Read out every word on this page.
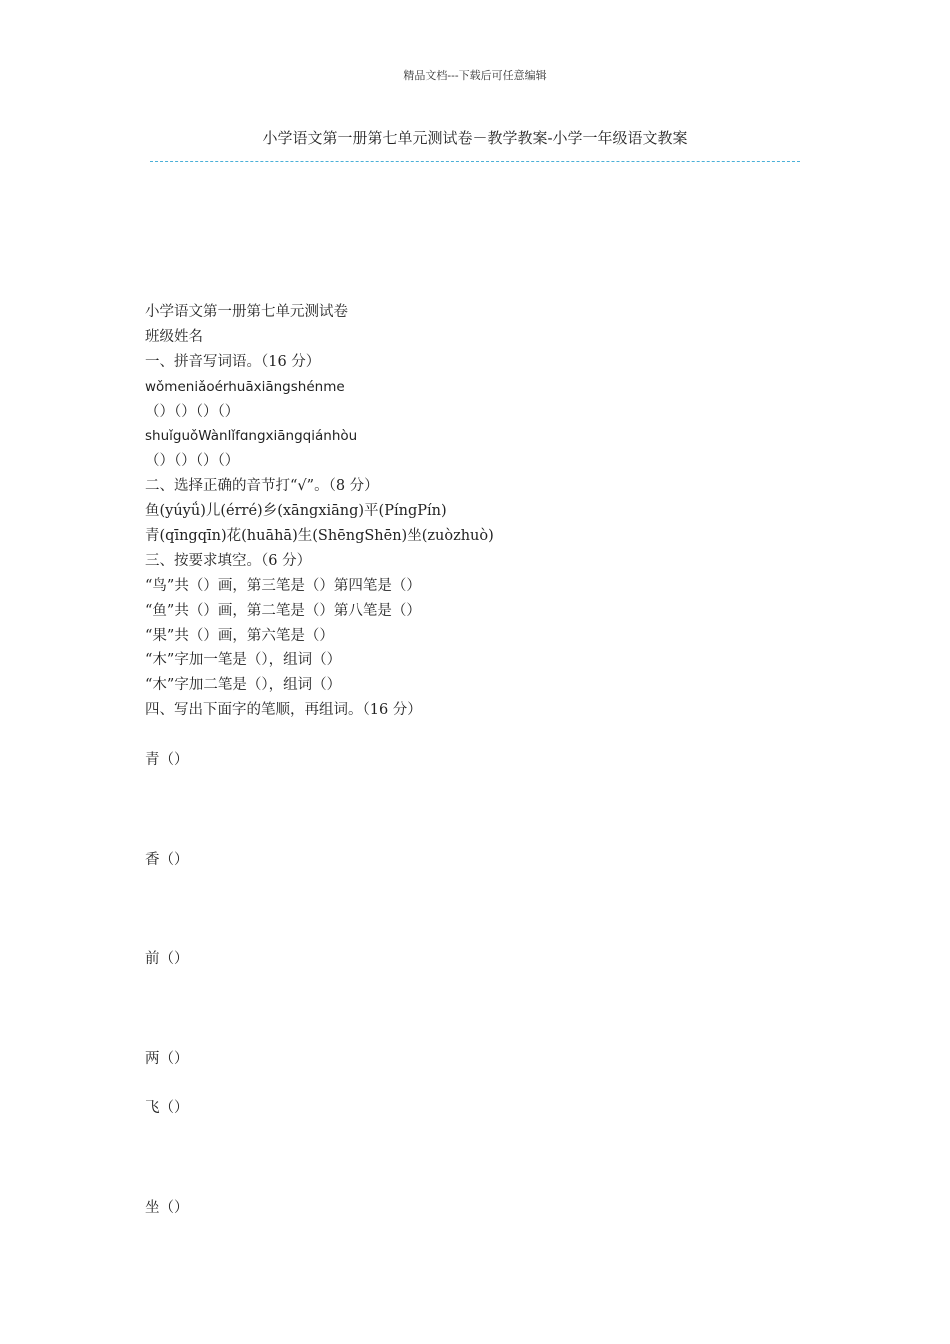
精品文档---下载后可任意编辑
小学语文第一册第七单元测试卷－教学教案-小学一年级语文教案
小学语文第一册第七单元测试卷
班级姓名
一、拼音写词语。（16 分）
wǒmeniǎoérhuāxiāngshénme
（）（）（）（）
shuǐguǒWànlǐfɑngxiāngqiánhòu
（）（）（）（）
二、选择正确的音节打“√”。（8 分）
鱼(yúyǘ)儿(érré)乡(xāngxiāng)平(PíngPín)
青(qīngqīn)花(huāhā)生(ShēngShēn)坐(zuòzhuò)
三、按要求填空。（6 分）
“鸟”共（）画，第三笔是（）第四笔是（）
“鱼”共（）画，第二笔是（）第八笔是（）
“果”共（）画，第六笔是（）
“木”字加一笔是（），组词（）
“木”字加二笔是（），组词（）
四、写出下面字的笔顺，再组词。（16 分）
青（）
香（）
前（）
两（）
飞（）
坐（）
